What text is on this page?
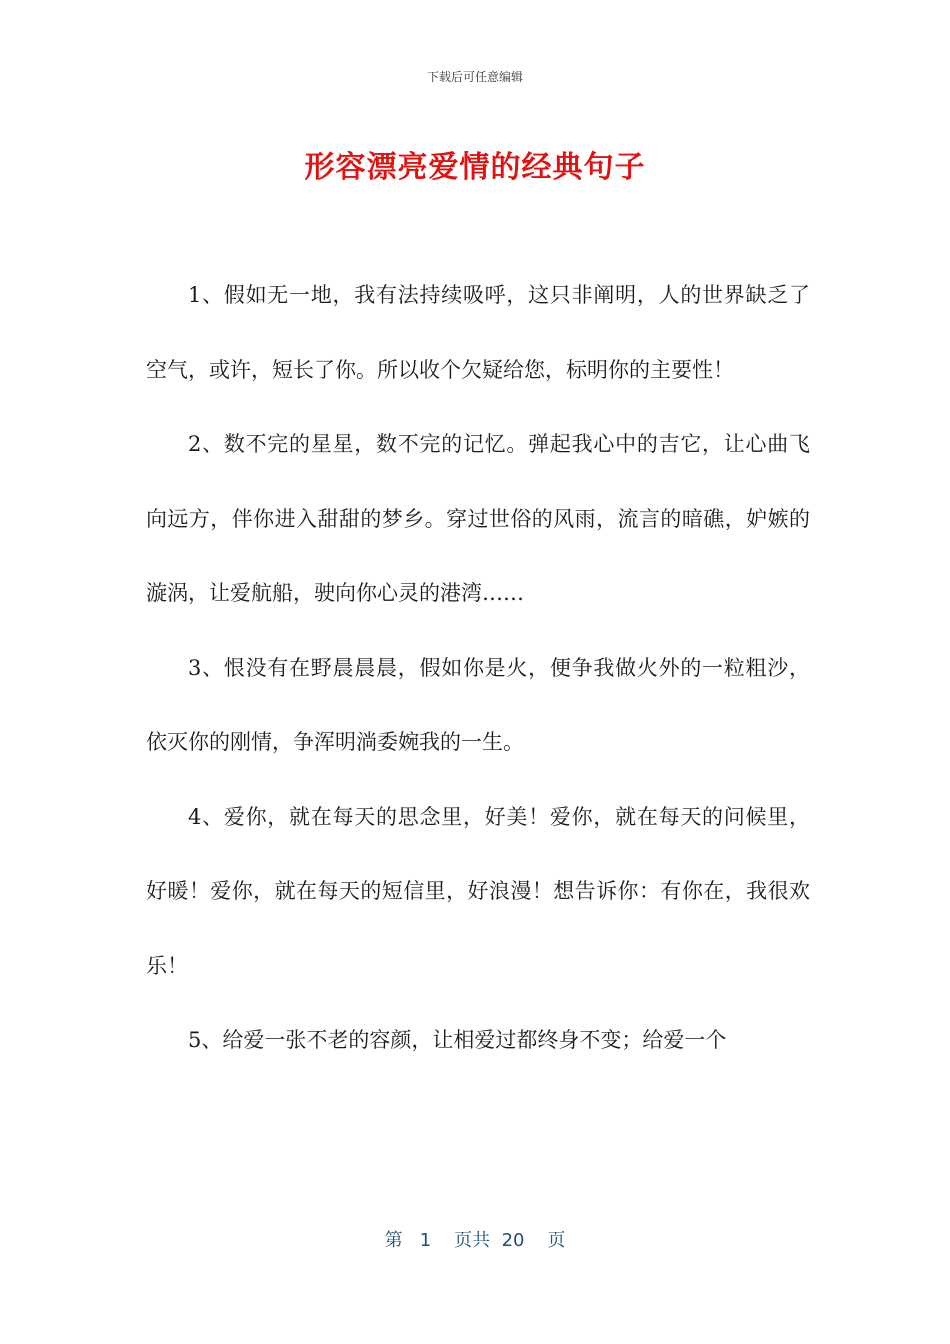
下载后可任意编辑
形容漂亮爱情的经典句子

1、假如无一地，我有法持续吸呼，这只非阐明，人的世界缺乏了空气，或许，短长了你。所以收个欠疑给您，标明你的主要性！

2、数不完的星星，数不完的记忆。弹起我心中的吉它，让心曲飞向远方，伴你进入甜甜的梦乡。穿过世俗的风雨，流言的暗礁，妒嫉的漩涡，让爱航船，驶向你心灵的港湾……

3、恨没有在野晨晨晨，假如你是火，便争我做火外的一粒粗沙，依灭你的刚情，争浑明淌委婉我的一生。

4、爱你，就在每天的思念里，好美！爱你，就在每天的问候里，好暖！爱你，就在每天的短信里，好浪漫！想告诉你：有你在，我很欢乐！

5、给爱一张不老的容颜，让相爱过都终身不变；给爱一个

第 1 页共 20 页
